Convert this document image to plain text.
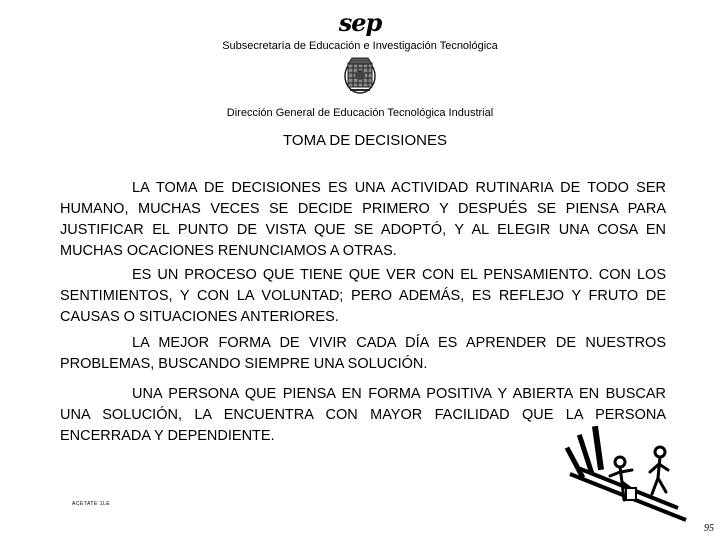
sep
Subsecretaría de Educación e Investigación Tecnológica
Dirección General de Educación Tecnológica Industrial
TOMA DE DECISIONES

LA TOMA DE DECISIONES ES UNA ACTIVIDAD RUTINARIA DE TODO SER HUMANO, MUCHAS VECES SE DECIDE PRIMERO Y DESPUÉS SE PIENSA PARA JUSTIFICAR EL PUNTO DE VISTA QUE SE ADOPTÓ, Y AL ELEGIR UNA COSA EN MUCHAS OCACIONES RENUNCIAMOS A OTRAS.

ES UN PROCESO QUE TIENE QUE VER CON EL PENSAMIENTO. CON LOS SENTIMIENTOS, Y CON LA VOLUNTAD; PERO ADEMÁS, ES REFLEJO Y FRUTO DE CAUSAS O SITUACIONES ANTERIORES.

LA MEJOR FORMA DE VIVIR CADA DÍA ES APRENDER DE NUESTROS PROBLEMAS, BUSCANDO SIEMPRE UNA SOLUCIÓN.

UNA PERSONA QUE PIENSA EN FORMA POSITIVA Y ABIERTA EN BUSCAR UNA SOLUCIÓN, LA ENCUENTRA CON MAYOR FACILIDAD QUE LA PERSONA ENCERRADA Y DEPENDIENTE.

ACETATE 1LE
95
